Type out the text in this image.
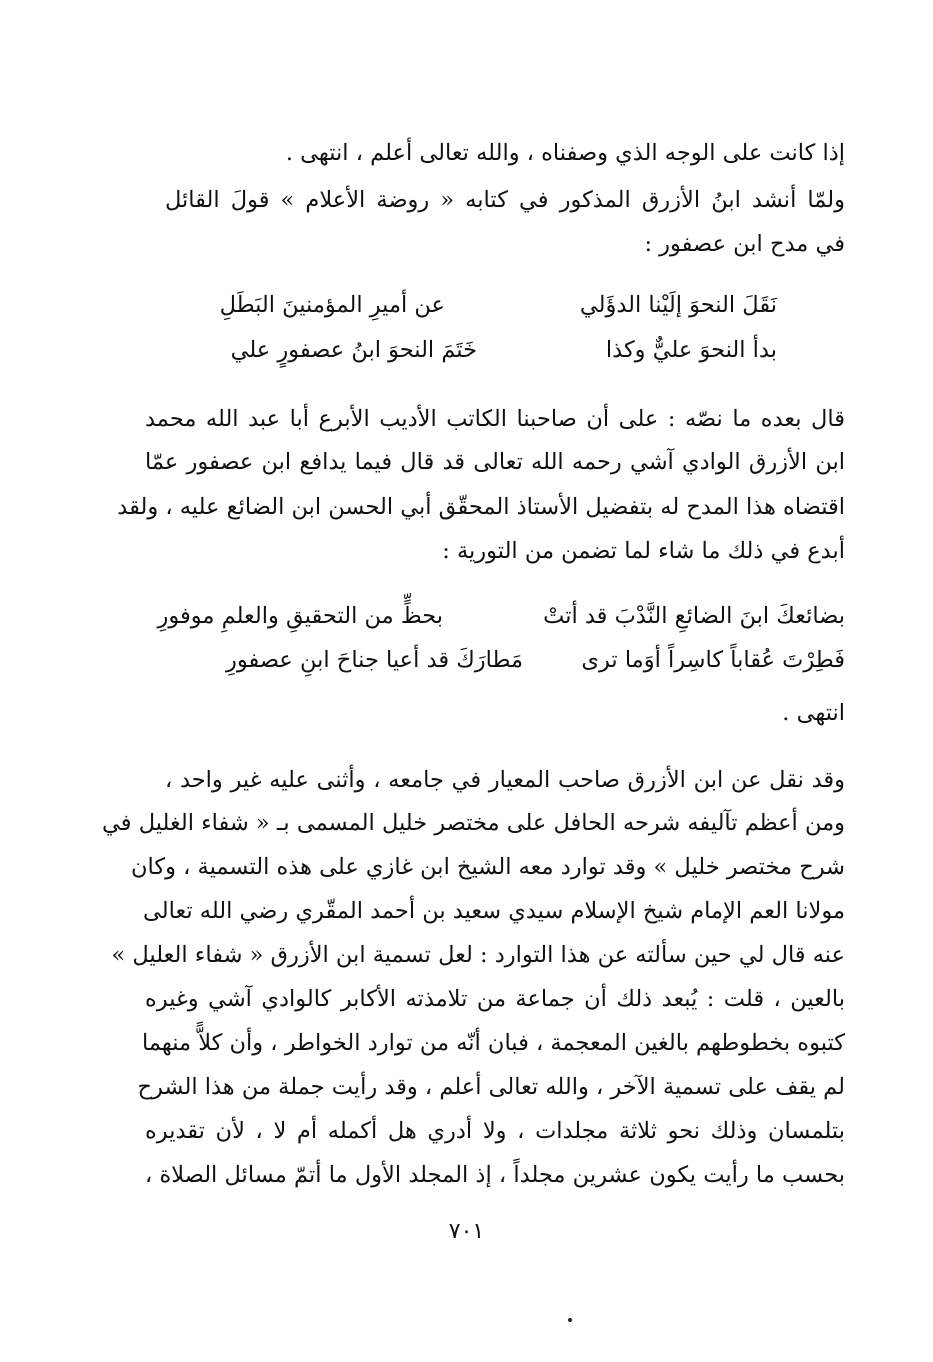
إذا كانت على الوجه الذي وصفناه ، والله تعالى أعلم ، انتهى .
ولمّا أنشد ابنُ الأزرق المذكور في كتابه « روضة الأعلام » قولَ القائل
في مدح ابن عصفور :
نَقَلَ النحوَ إلَيْنا الدؤَلي
عن أميرِ المؤمنينَ البَطَلِ
بدأ النحوَ عليٌّ وكذا
خَتَمَ النحوَ ابنُ عصفورٍ علي
قال بعده ما نصّه : على أن صاحبنا الكاتب الأديب الأبرع أبا عبد الله محمد
ابن الأزرق الوادي آشي رحمه الله تعالى قد قال فيما يدافع ابن عصفور عمّا
اقتضاه هذا المدح له بتفضيل الأستاذ المحقّق أبي الحسن ابن الضائع عليه ، ولقد
أبدع في ذلك ما شاء لما تضمن من التورية :
بضائعكَ ابنَ الضائعِ النَّدْبَ قد أتتْ
بحظٍّ من التحقيقِ والعلمِ موفورِ
فَطِرْتَ عُقاباً كاسِراً أوَما ترى
مَطارَكَ قد أعيا جناحَ ابنِ عصفورِ
انتهى .
وقد نقل عن ابن الأزرق صاحب المعيار في جامعه ، وأثنى عليه غير واحد ،
ومن أعظم تآليفه شرحه الحافل على مختصر خليل المسمى بـ « شفاء الغليل في
شرح مختصر خليل » وقد توارد معه الشيخ ابن غازي على هذه التسمية ، وكان
مولانا العم الإمام شيخ الإسلام سيدي سعيد بن أحمد المقّري رضي الله تعالى
عنه قال لي حين سألته عن هذا التوارد : لعل تسمية ابن الأزرق « شفاء العليل »
بالعين ، قلت : يُبعد ذلك أن جماعة من تلامذته الأكابر كالوادي آشي وغيره
كتبوه بخطوطهم بالغين المعجمة ، فبان أنّه من توارد الخواطر ، وأن كلاًّ منهما
لم يقف على تسمية الآخر ، والله تعالى أعلم ، وقد رأيت جملة من هذا الشرح
بتلمسان وذلك نحو ثلاثة مجلدات ، ولا أدري هل أكمله أم لا ، لأن تقديره
بحسب ما رأيت يكون عشرين مجلداً ، إذ المجلد الأول ما أتمّ مسائل الصلاة ،
٧٠١
